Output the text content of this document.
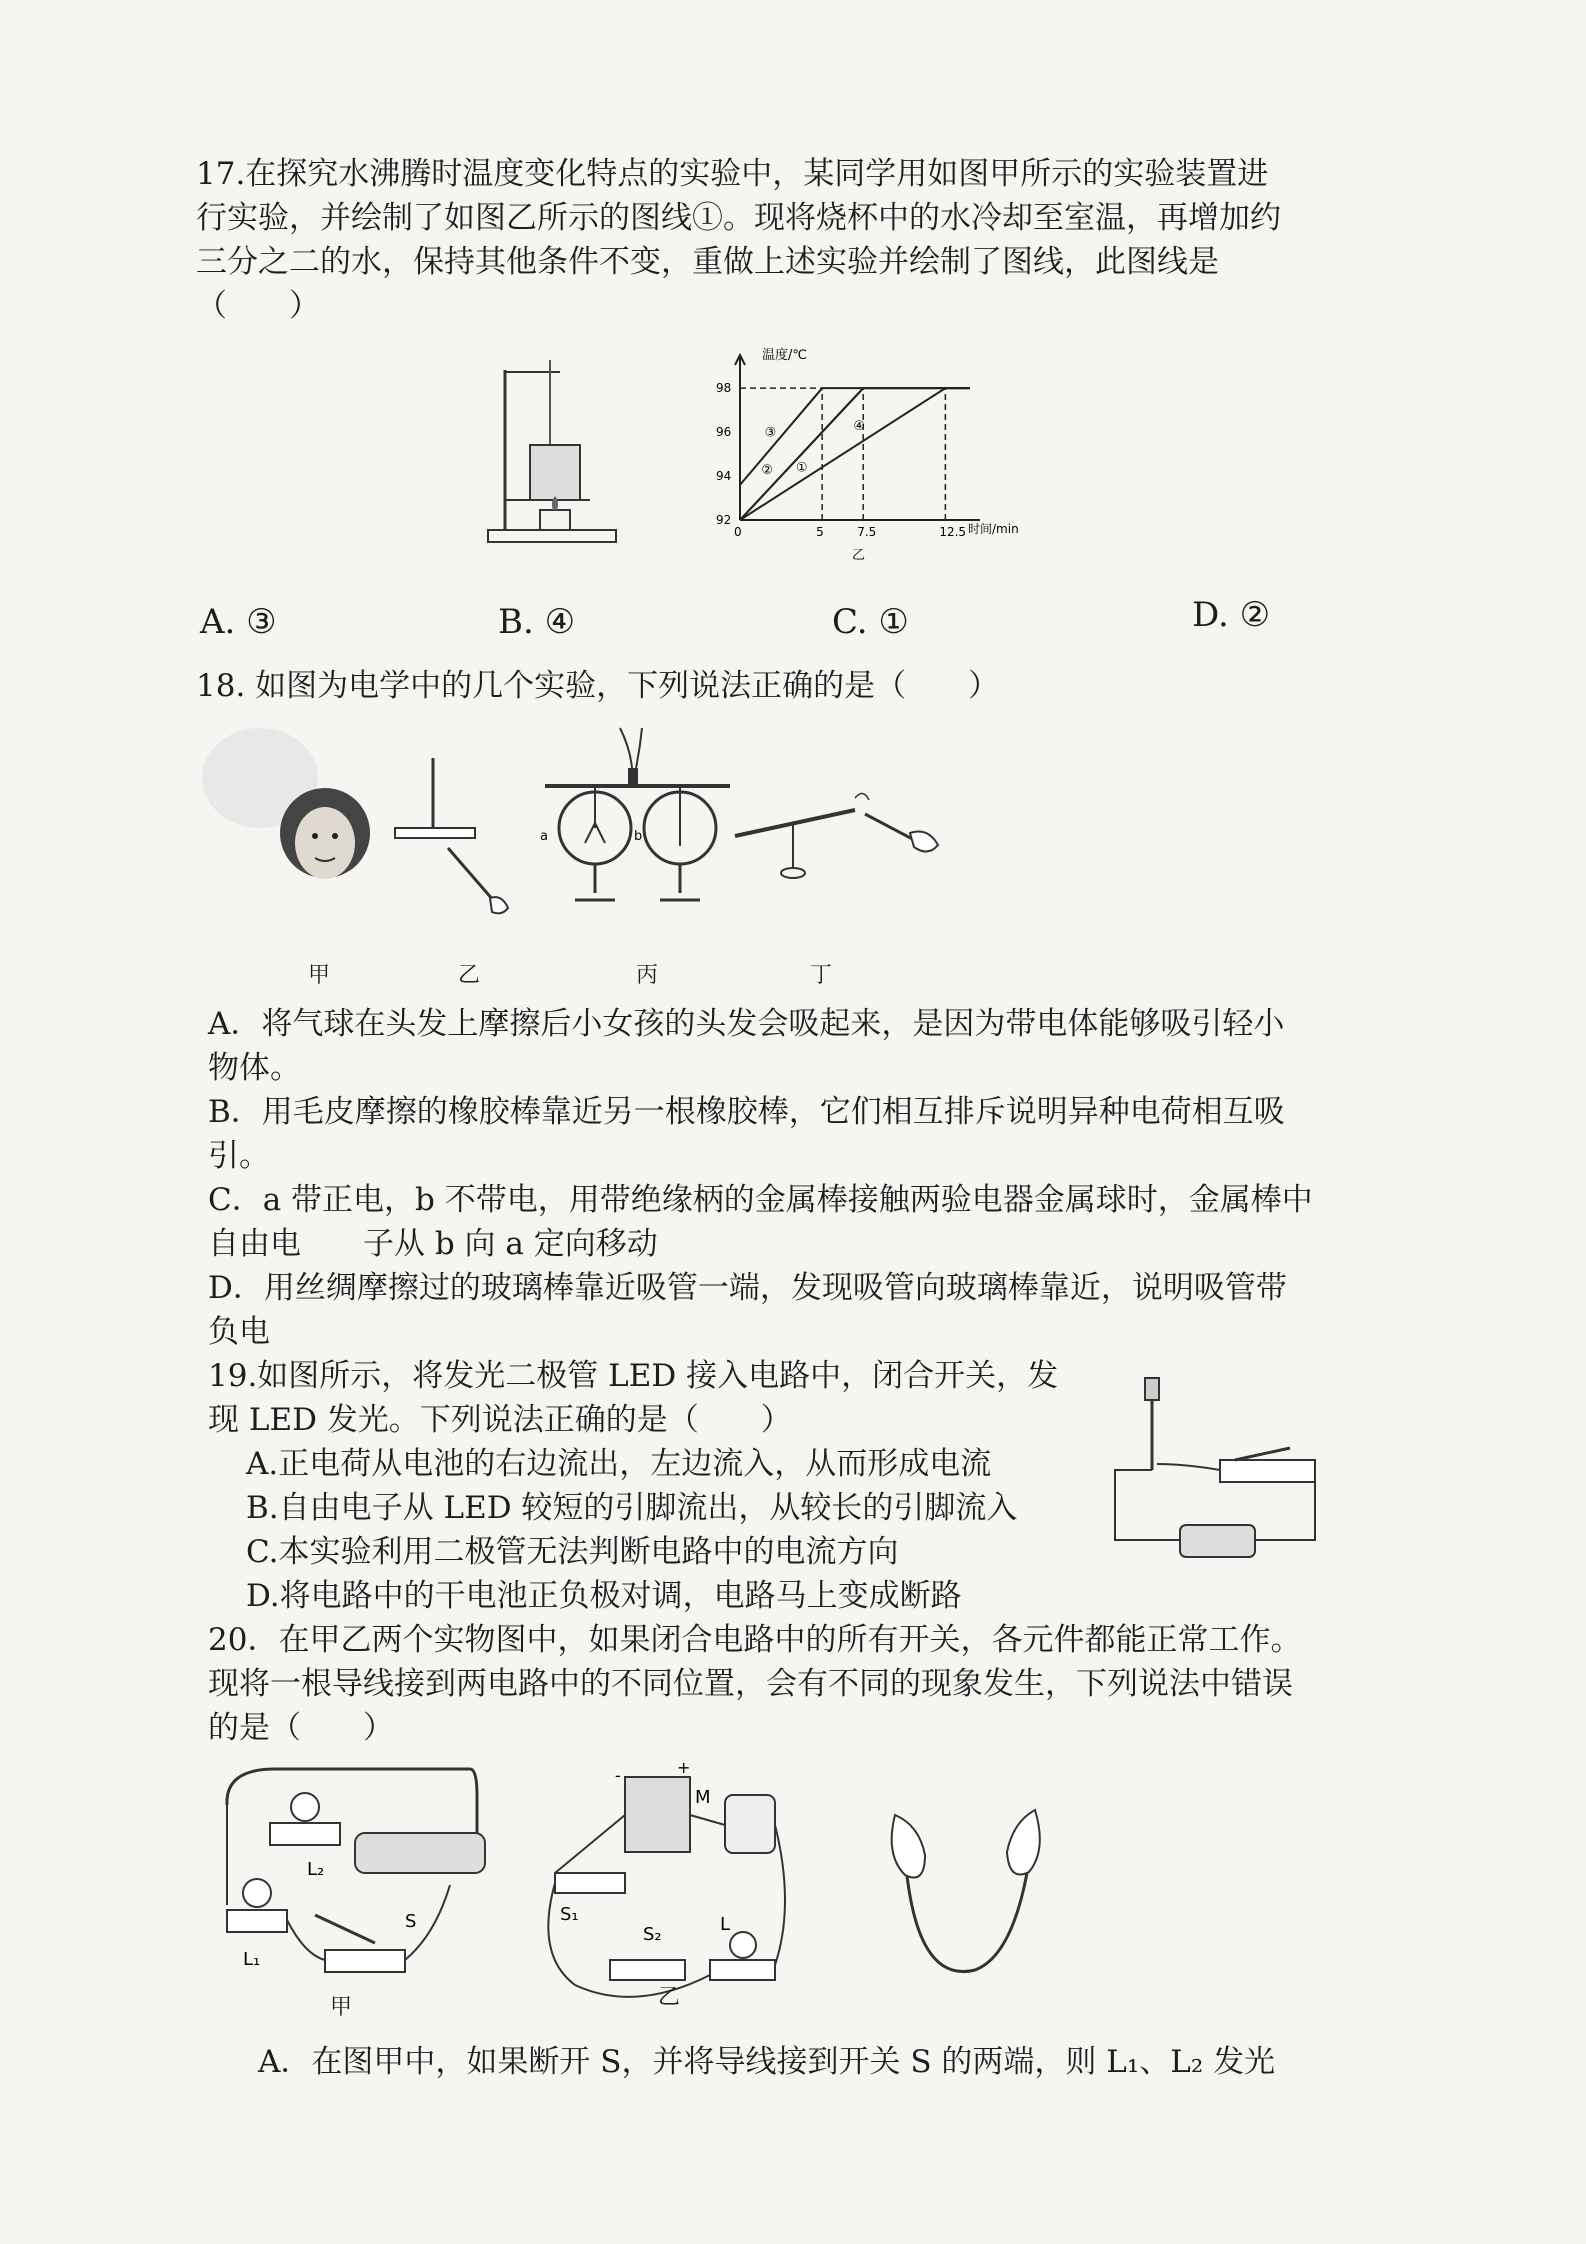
17.在探究水沸腾时温度变化特点的实验中，某同学用如图甲所示的实验装置进
行实验，并绘制了如图乙所示的图线①。现将烧杯中的水冷却至室温，再增加约
三分之二的水，保持其他条件不变，重做上述实验并绘制了图线，此图线是
（　　）
温度/℃
时间/min
乙
92
94
96
98
0	5	7.5	12.5
③
①
④
②
A. ③	B. ④	C. ①	D. ②
18. 如图为电学中的几个实验，下列说法正确的是（　　）
a	b
甲	乙	丙	丁
A．将气球在头发上摩擦后小女孩的头发会吸起来，是因为带电体能够吸引轻小
物体。
B．用毛皮摩擦的橡胶棒靠近另一根橡胶棒，它们相互排斥说明异种电荷相互吸
引。
C．a 带正电，b 不带电，用带绝缘柄的金属棒接触两验电器金属球时，金属棒中
自由电　　子从 b 向 a 定向移动
D．用丝绸摩擦过的玻璃棒靠近吸管一端，发现吸管向玻璃棒靠近，说明吸管带
负电
19.如图所示，将发光二极管 LED 接入电路中，闭合开关，发
现 LED 发光。下列说法正确的是（　　）
A.正电荷从电池的右边流出，左边流入，从而形成电流
B.自由电子从 LED 较短的引脚流出，从较长的引脚流入
C.本实验利用二极管无法判断电路中的电流方向
D.将电路中的干电池正负极对调，电路马上变成断路
20．在甲乙两个实物图中，如果闭合电路中的所有开关，各元件都能正常工作。
现将一根导线接到两电路中的不同位置，会有不同的现象发生，下列说法中错误
的是（　　）
L₂
L₁
S
M
S₁
S₂	L
+
-
甲	乙
A．在图甲中，如果断开 S，并将导线接到开关 S 的两端，则 L₁、L₂ 发光
